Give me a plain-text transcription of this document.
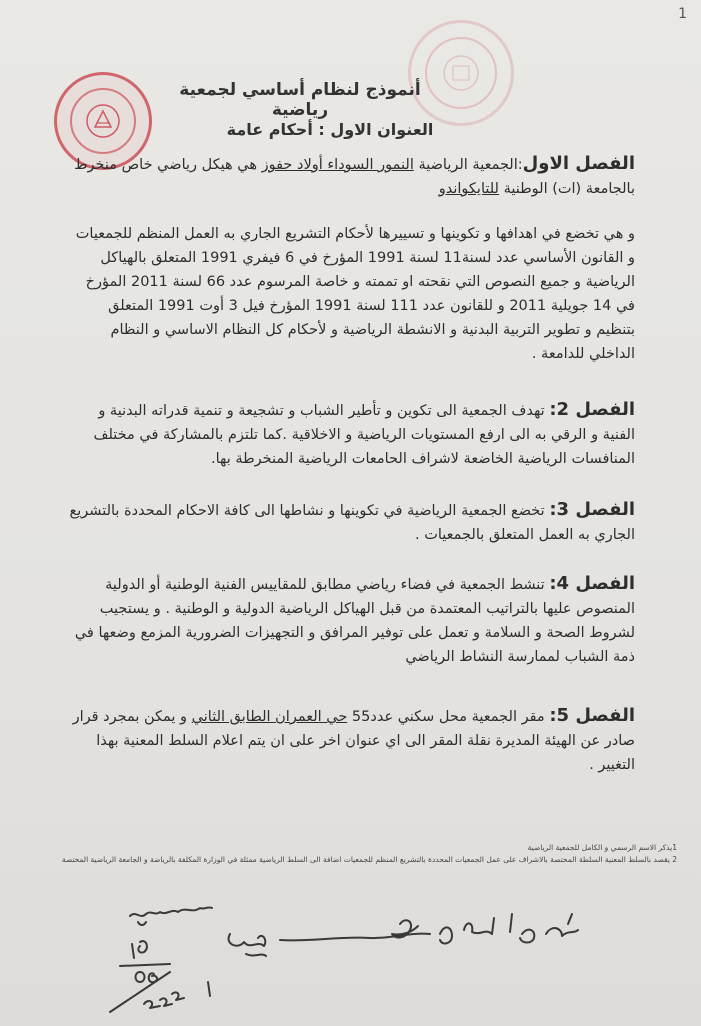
1
أنموذج لنظام أساسي لجمعية رياضية
العنوان الاول : أحكام عامة
الفصل الاول:الجمعية الرياضية النمور السوداء أولاد حفوز هي هيكل رياضي خاص منخرط بالجامعة (ات) الوطنية للتايكواندو
و هي تخضع في اهدافها و تكوينها و تسييرها لأحكام التشريع الجاري به العمل المنظم للجمعيات و القانون الأساسي عدد لسنة11 لسنة 1991 المؤرخ في 6 فيفري 1991 المتعلق بالهياكل الرياضية و جميع النصوص التي نقحته او تممته و خاصة المرسوم عدد 66 لسنة 2011 المؤرخ في 14 جويلية 2011 و للقانون عدد 111 لسنة 1991 المؤرخ فيل 3 أوت 1991 المتعلق بتنظيم و تطوير التربية البدنية و الانشطة الرياضية و لأحكام كل النظام الاساسي و النظام الداخلي للدامعة .
الفصل 2: تهدف الجمعية الى تكوين و تأطير الشباب و تشجيعة و تنمية قدراته البدنية و الفنية و الرقي به الى ارفع المستويات الرياضية و الاخلاقية .كما تلتزم بالمشاركة في مختلف المنافسات الرياضية الخاضعة لاشراف الحامعات الرياضية المنخرطة بها.
الفصل 3: تخضع الجمعية الرياضية في تكوينها و نشاطها الى كافة الاحكام المحددة بالتشريع الجاري به العمل المتعلق بالجمعيات .
الفصل 4: تنشط الجمعية في فضاء رياضي مطابق للمقاييس الفنية الوطنية أو الدولية المنصوص عليها بالتراتيب المعتمدة من قبل الهياكل الرياضية الدولية و الوطنية . و يستجيب لشروط الصحة و السلامة و تعمل على توفير المرافق و التجهيزات الضرورية المزمع وضعها في ذمة الشباب لممارسة النشاط الرياضي
الفصل 5: مقر الجمعية محل سكني عدد55 حي العمران الطابق الثاني و يمكن بمجرد قرار صادر عن الهيئة المديرة نقلة المقر الى اي عنوان اخر على ان يتم اعلام السلط المعنية بهذا التغيير .
1يذكر الاسم الرسمي و الكامل للجمعية الرياضية
2 يقصد بالسلط المعنية السلطة المختصة بالاشراف على عمل الجمعيات المحددة بالتشريع المنظم للجمعيات اضافة الى السلط الرياضية ممثلة في الوزارة المكلفة بالرياضة و الجامعة الرياضية المختصة
